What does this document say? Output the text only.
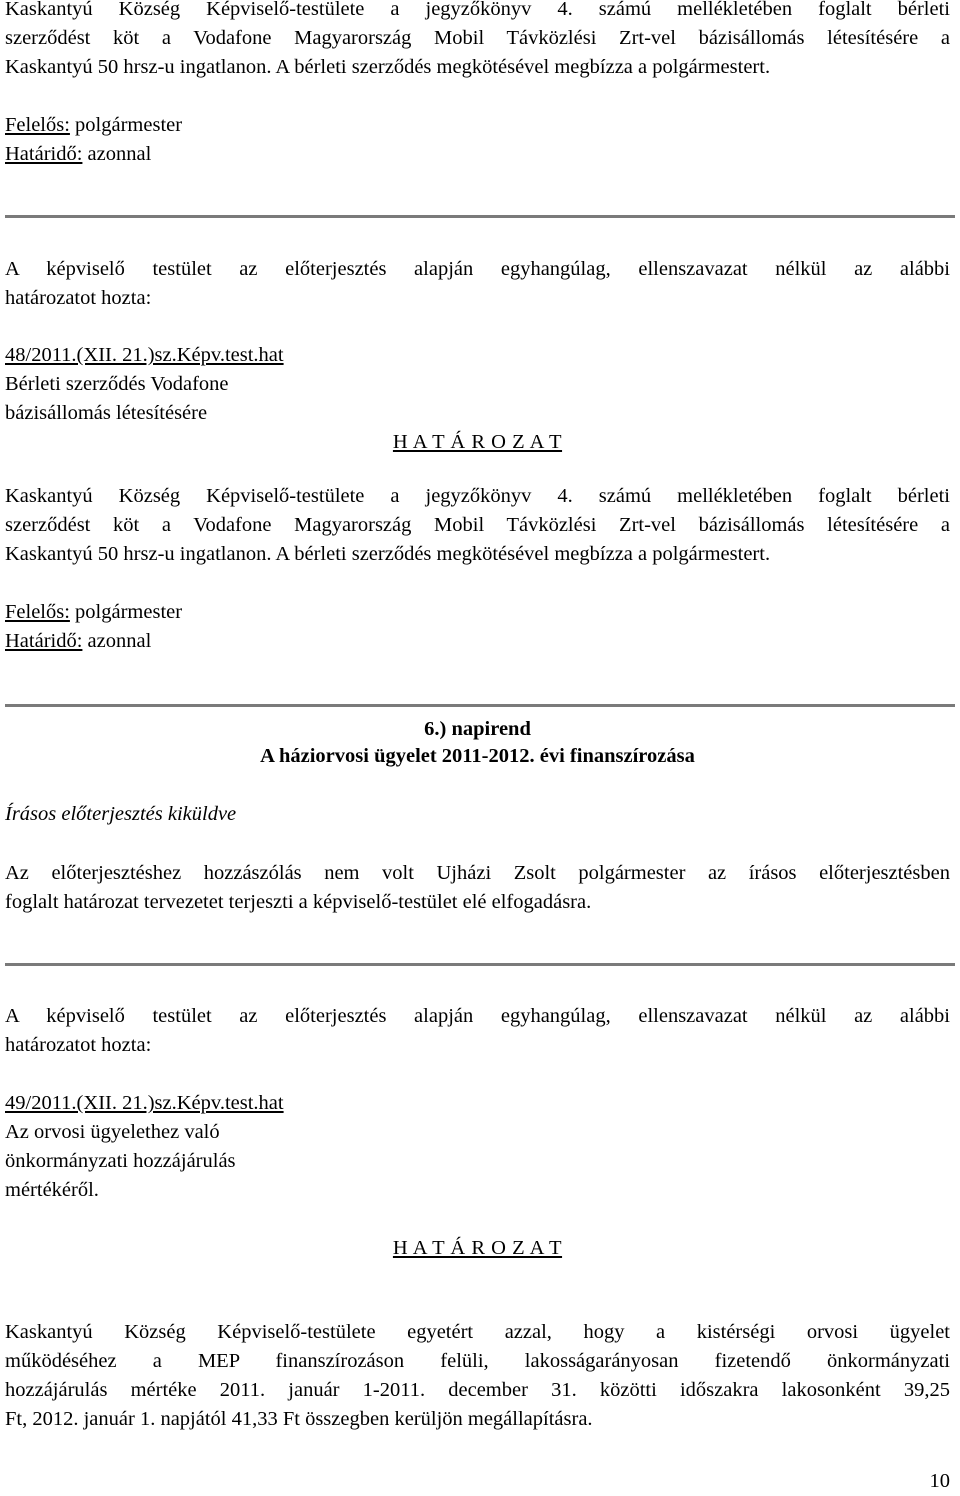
Kaskantyú Község Képviselő-testülete a jegyzőkönyv 4. számú mellékletében foglalt bérleti

szerződést köt a Vodafone Magyarország Mobil Távközlési Zrt-vel bázisállomás létesítésére a

Kaskantyú 50 hrsz-u ingatlanon. A bérleti szerződés megkötésével megbízza a polgármestert.

Felelős: polgármester

Határidő: azonnal

A képviselő testület az előterjesztés alapján egyhangúlag, ellenszavazat nélkül az alábbi

határozatot hozta:

48/2011.(XII. 21.)sz.Képv.test.hat

Bérleti szerződés Vodafone

bázisállomás létesítésére

H A T Á R O Z A T

Kaskantyú Község Képviselő-testülete a jegyzőkönyv 4. számú mellékletében foglalt bérleti

szerződést köt a Vodafone Magyarország Mobil Távközlési Zrt-vel bázisállomás létesítésére a

Kaskantyú 50 hrsz-u ingatlanon. A bérleti szerződés megkötésével megbízza a polgármestert.

Felelős: polgármester

Határidő: azonnal

6.) napirend
A háziorvosi ügyelet 2011-2012. évi finanszírozása

Írásos előterjesztés kiküldve

Az előterjesztéshez hozzászólás nem volt Ujházi Zsolt polgármester az írásos előterjesztésben

foglalt határozat tervezetet terjeszti a képviselő-testület elé elfogadásra.

A képviselő testület az előterjesztés alapján egyhangúlag, ellenszavazat nélkül az alábbi

határozatot hozta:

49/2011.(XII. 21.)sz.Képv.test.hat

Az orvosi ügyelethez való

önkormányzati hozzájárulás

mértékéről.

H A T Á R O Z A T

Kaskantyú Község Képviselő-testülete egyetért azzal, hogy a kistérségi orvosi ügyelet

működéséhez a MEP finanszírozáson felüli, lakosságarányosan fizetendő önkormányzati

hozzájárulás mértéke 2011. január 1-2011. december 31. közötti időszakra lakosonként 39,25

Ft, 2012. január 1. napjától 41,33 Ft összegben kerüljön megállapításra.

10
